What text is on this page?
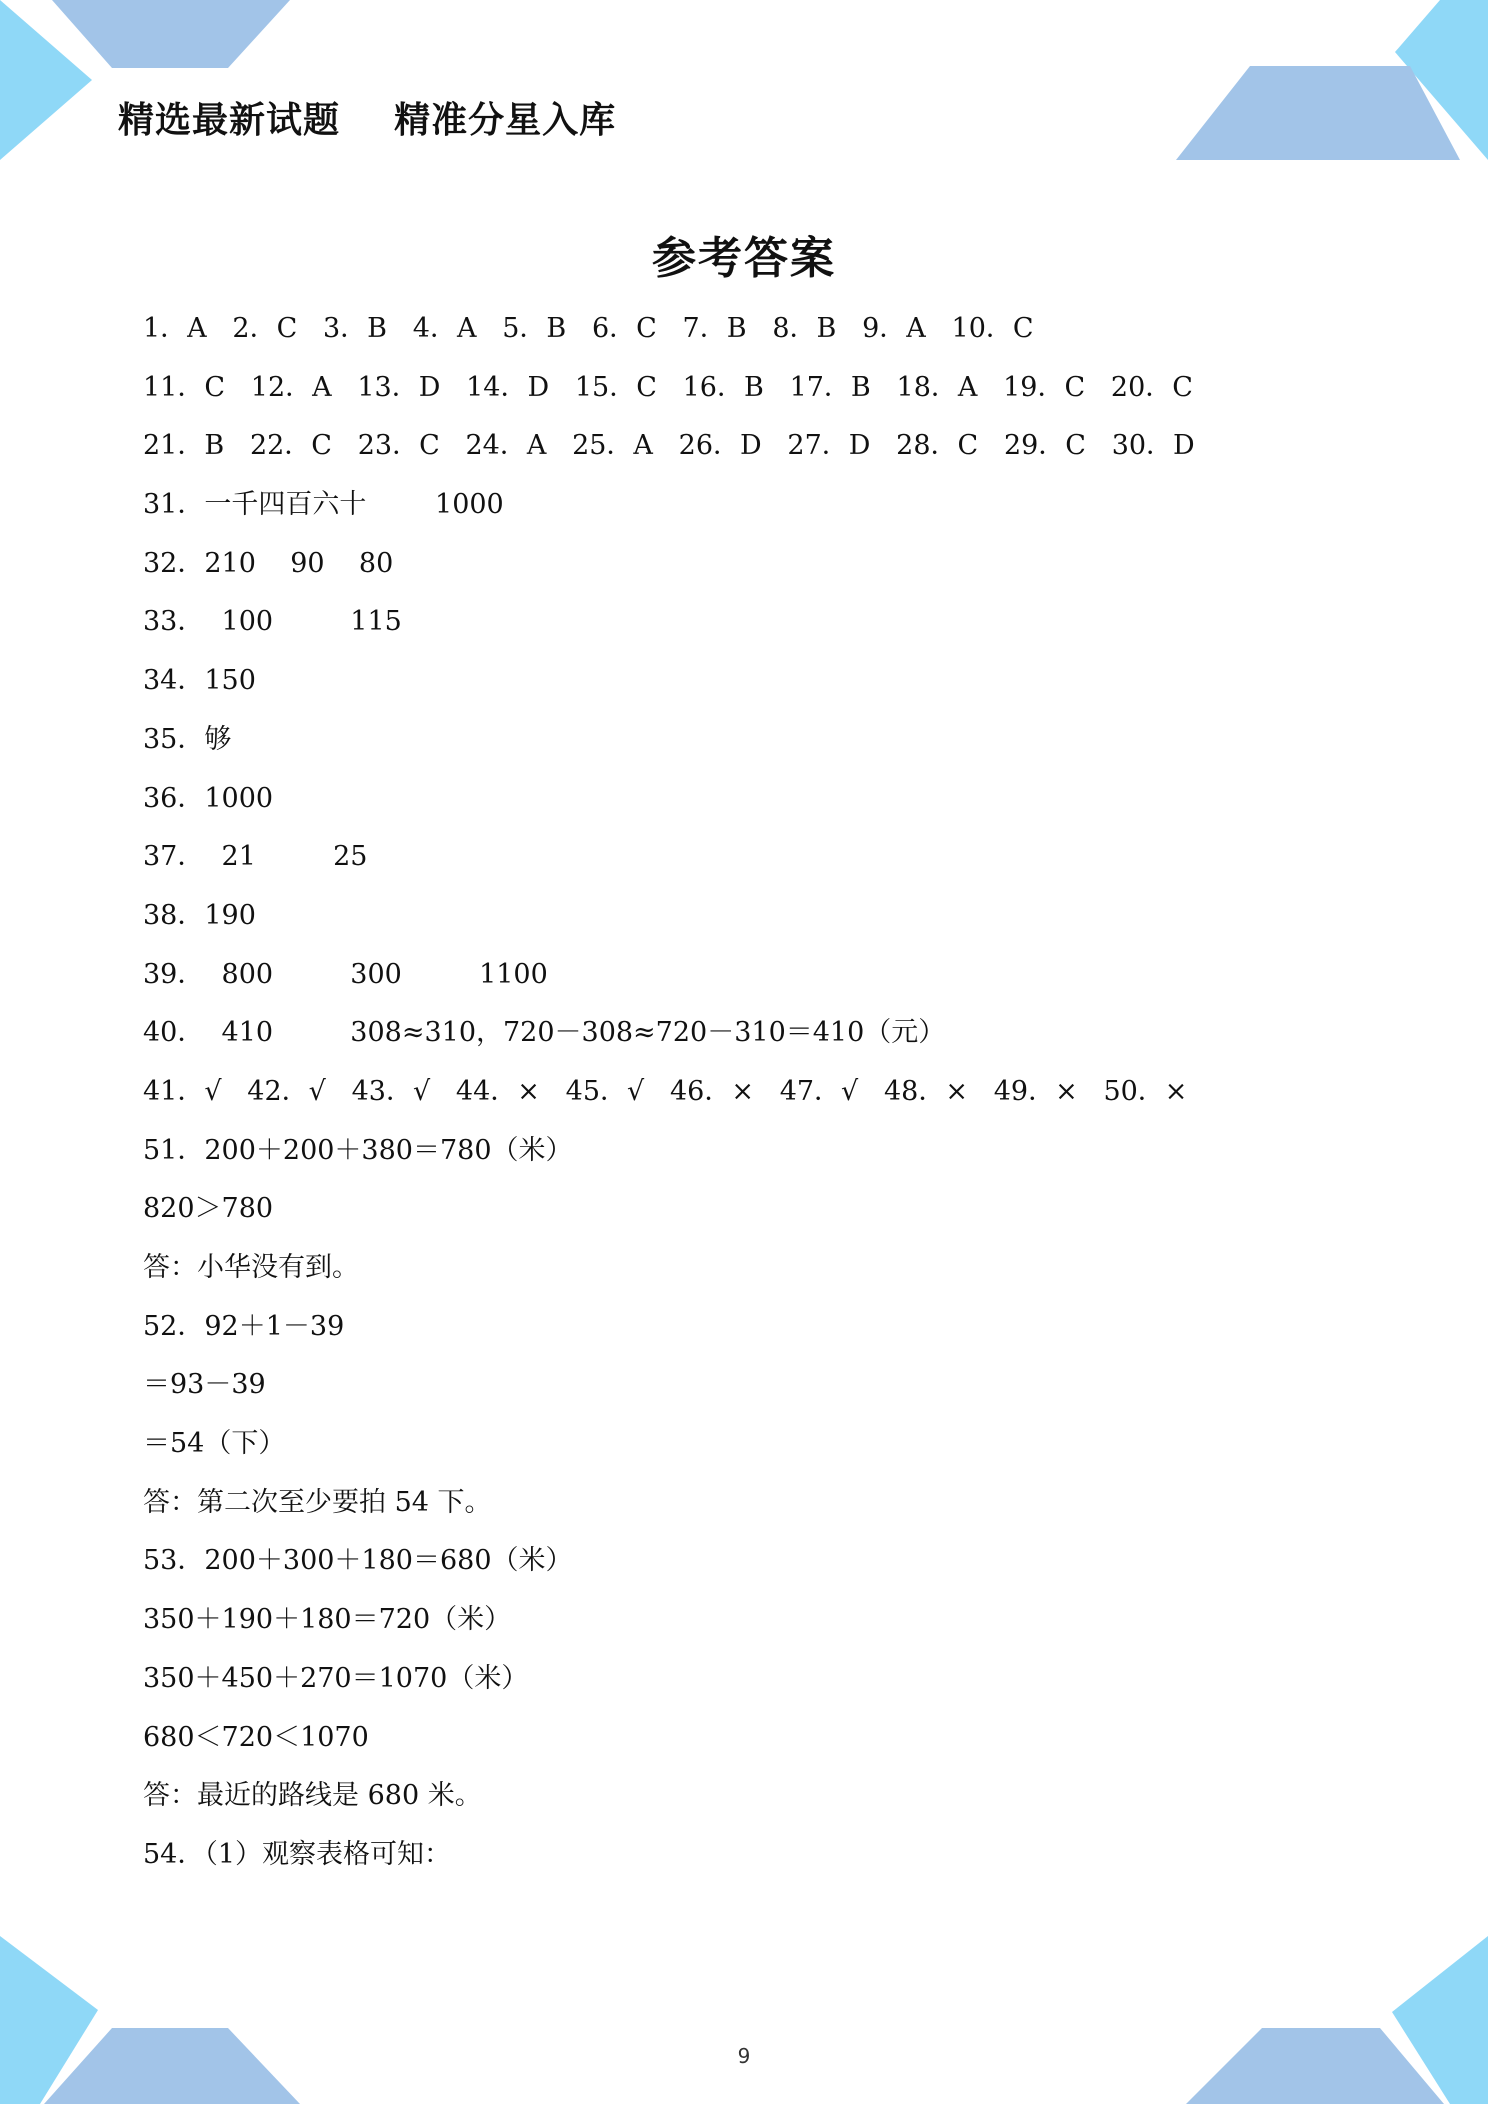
精选最新试题    精准分星入库
参考答案
1．A   2．C   3．B   4．A   5．B   6．C   7．B   8．B   9．A   10．C
11．C   12．A   13．D   14．D   15．C   16．B   17．B   18．A   19．C   20．C
21．B   22．C   23．C   24．A   25．A   26．D   27．D   28．C   29．C   30．D
31．一千四百六十        1000
32．210    90    80
33．  100         115
34．150
35．够
36．1000
37．  21         25
38．190
39．  800         300         1100
40．  410         308≈310，720－308≈720－310＝410（元）
41．√   42．√   43．√   44．×   45．√   46．×   47．√   48．×   49．×   50．×
51．200＋200＋380＝780（米）
820＞780
答：小华没有到。
52．92＋1－39
＝93－39
＝54（下）
答：第二次至少要拍 54 下。
53．200＋300＋180＝680（米）
350＋190＋180＝720（米）
350＋450＋270＝1070（米）
680＜720＜1070
答：最近的路线是 680 米。
54．（1）观察表格可知：
9
